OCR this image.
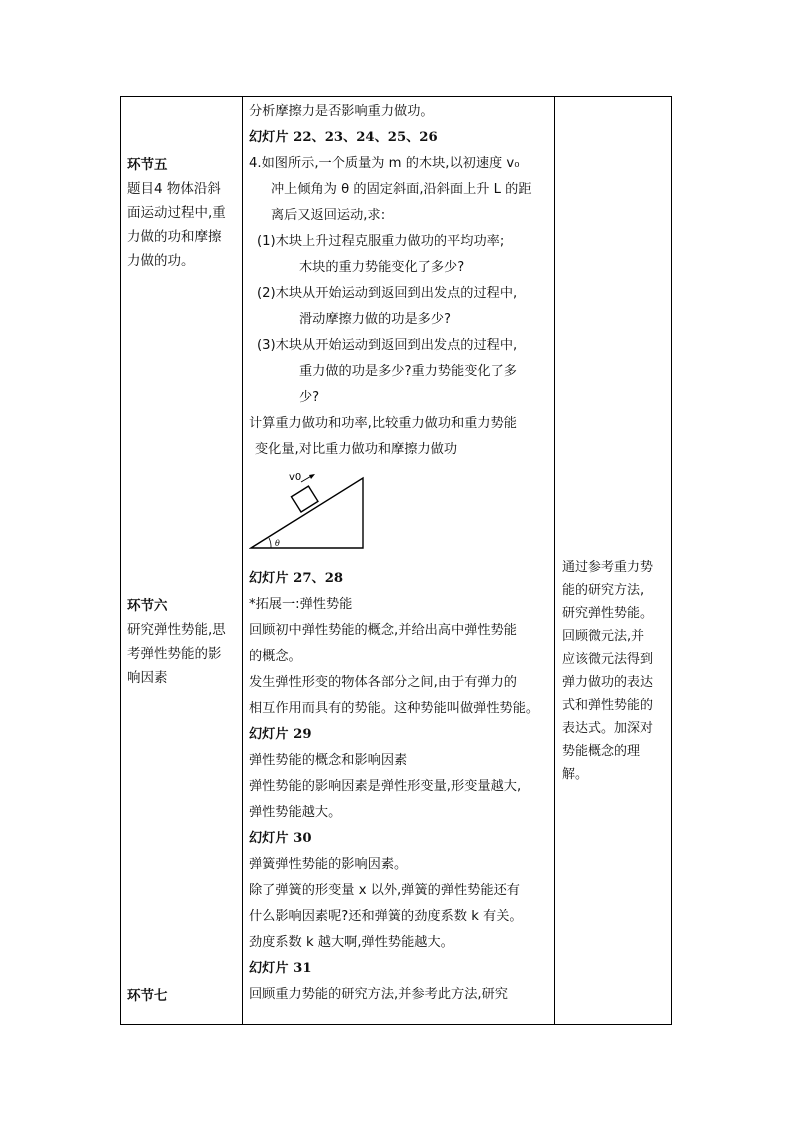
环节五
题目4 物体沿斜
面运动过程中,重
力做的功和摩擦
力做的功。
环节六
研究弹性势能,思
考弹性势能的影
响因素
环节七
分析摩擦力是否影响重力做功。
幻灯片 22、23、24、25、26
4.如图所示,一个质量为 m 的木块,以初速度 v₀
冲上倾角为 θ 的固定斜面,沿斜面上升 L 的距
离后又返回运动,求:
(1)木块上升过程克服重力做功的平均功率;
木块的重力势能变化了多少?
(2)木块从开始运动到返回到出发点的过程中,
滑动摩擦力做的功是多少?
(3)木块从开始运动到返回到出发点的过程中,
重力做的功是多少?重力势能变化了多
少?
计算重力做功和功率,比较重力做功和重力势能
变化量,对比重力做功和摩擦力做功
v0
θ
幻灯片 27、28
*拓展一:弹性势能
回顾初中弹性势能的概念,并给出高中弹性势能
的概念。
发生弹性形变的物体各部分之间,由于有弹力的
相互作用而具有的势能。这种势能叫做弹性势能。
幻灯片 29
弹性势能的概念和影响因素
弹性势能的影响因素是弹性形变量,形变量越大,
弹性势能越大。
幻灯片 30
弹簧弹性势能的影响因素。
除了弹簧的形变量 x 以外,弹簧的弹性势能还有
什么影响因素呢?还和弹簧的劲度系数 k 有关。
劲度系数 k 越大啊,弹性势能越大。
幻灯片 31
回顾重力势能的研究方法,并参考此方法,研究
通过参考重力势
能的研究方法,
研究弹性势能。
回顾微元法,并
应该微元法得到
弹力做功的表达
式和弹性势能的
表达式。加深对
势能概念的理
解。
